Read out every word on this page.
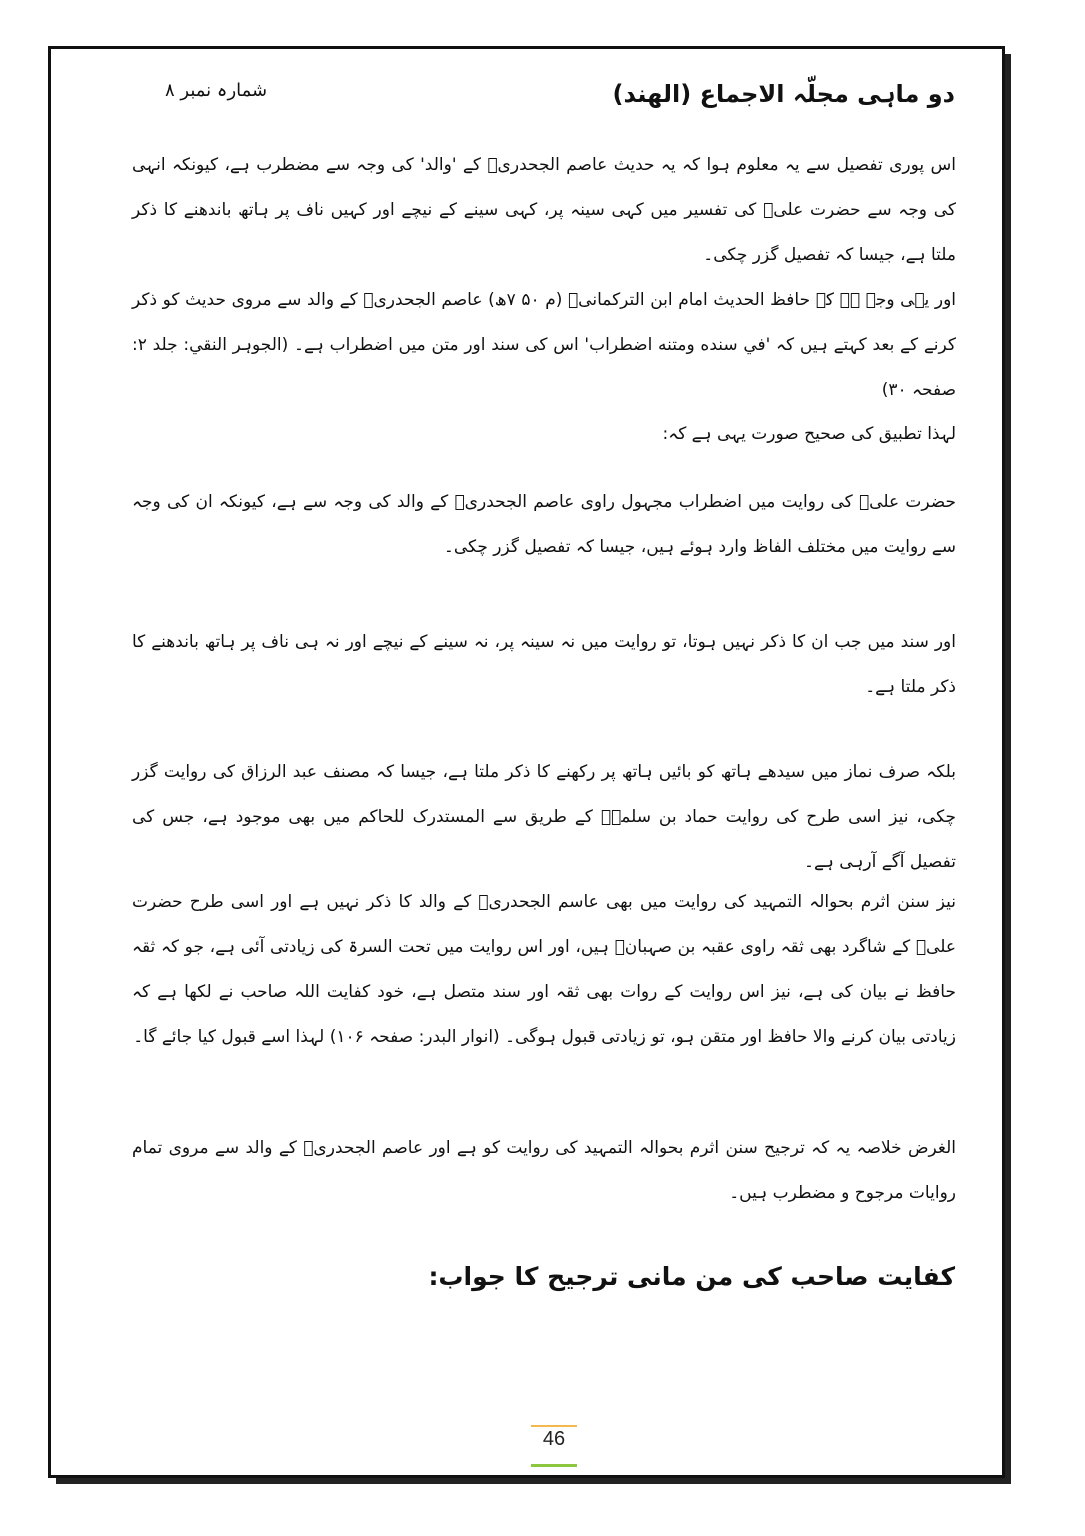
دو ماہی مجلّہ الاجماع (الھند)
شمارہ نمبر ۸

اس پوری تفصیل سے یہ معلوم ہوا کہ یہ حدیث عاصم الجحدریؒ کے 'والد' کی وجہ سے مضطرب ہے، کیونکہ انہی کی وجہ سے حضرت علیؓ کی تفسیر میں کہی سینہ پر، کہی سینے کے نیچے اور کہیں ناف پر ہاتھ باندھنے کا ذکر ملتا ہے، جیسا کہ تفصیل گزر چکی۔

اور یہی وجہ ہے کہ حافظ الحدیث امام ابن الترکمانیؒ (م ۵۰ ۷ھ) عاصم الجحدریؒ کے والد سے مروی حدیث کو ذکر کرنے کے بعد کہتے ہیں کہ 'في سنده ومتنه اضطراب' اس کی سند اور متن میں اضطراب ہے۔ (الجوہر النقي: جلد ۲: صفحہ ۳۰)

لہذا تطبیق کی صحیح صورت یہی ہے کہ:

حضرت علیؓ کی روایت میں اضطراب مجہول راوی عاصم الجحدریؒ کے والد کی وجہ سے ہے، کیونکہ ان کی وجہ سے روایت میں مختلف الفاظ وارد ہوئے ہیں، جیسا کہ تفصیل گزر چکی۔

اور سند میں جب ان کا ذکر نہیں ہوتا، تو روایت میں نہ سینہ پر، نہ سینے کے نیچے اور نہ ہی ناف پر ہاتھ باندھنے کا ذکر ملتا ہے۔

بلکہ صرف نماز میں سیدھے ہاتھ کو بائیں ہاتھ پر رکھنے کا ذکر ملتا ہے، جیسا کہ مصنف عبد الرزاق کی روایت گزر چکی، نیز اسی طرح کی روایت حماد بن سلمہؒ کے طریق سے المستدرک للحاکم میں بھی موجود ہے، جس کی تفصیل آگے آرہی ہے۔

نیز سنن اثرم بحوالہ التمہید کی روایت میں بھی عاسم الجحدریؒ کے والد کا ذکر نہیں ہے اور اسی طرح حضرت علیؓ کے شاگرد بھی ثقہ راوی عقبہ بن صہبانؒ ہیں، اور اس روایت میں تحت السرۃ کی زیادتی آئی ہے، جو کہ ثقہ حافظ نے بیان کی ہے، نیز اس روایت کے روات بھی ثقہ اور سند متصل ہے، خود کفایت اللہ صاحب نے لکھا ہے کہ زیادتی بیان کرنے والا حافظ اور متقن ہو، تو زیادتی قبول ہوگی۔ (انوار البدر: صفحہ ۱۰۶) لہذا اسے قبول کیا جائے گا۔

الغرض خلاصہ یہ کہ ترجیح سنن اثرم بحوالہ التمہید کی روایت کو ہے اور عاصم الجحدریؒ کے والد سے مروی تمام روایات مرجوح و مضطرب ہیں۔

کفایت صاحب کی من مانی ترجیح کا جواب:
46
